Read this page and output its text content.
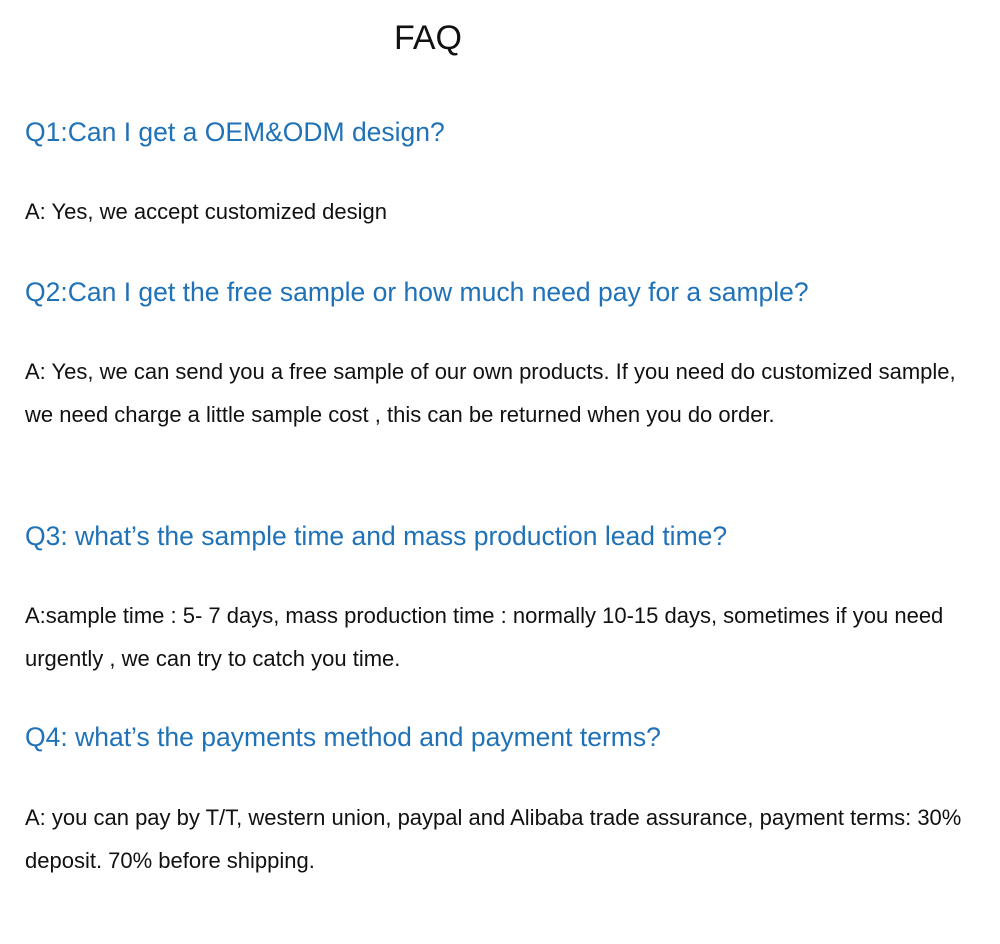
FAQ
Q1:Can I get a OEM&ODM design?
A: Yes, we accept customized design
Q2:Can I get the free sample or how much need pay for a sample?
A: Yes, we can send you a free sample of our own products. If you need do customized sample, we need charge a little sample cost , this can be returned when you do order.
Q3: what’s the sample time and mass production lead time?
A:sample time : 5- 7 days, mass production time : normally 10-15 days, sometimes if you need urgently , we can try to catch you time.
Q4: what’s the payments method and payment terms?
A: you can pay by T/T, western union, paypal and Alibaba trade assurance, payment terms: 30% deposit. 70% before shipping.
